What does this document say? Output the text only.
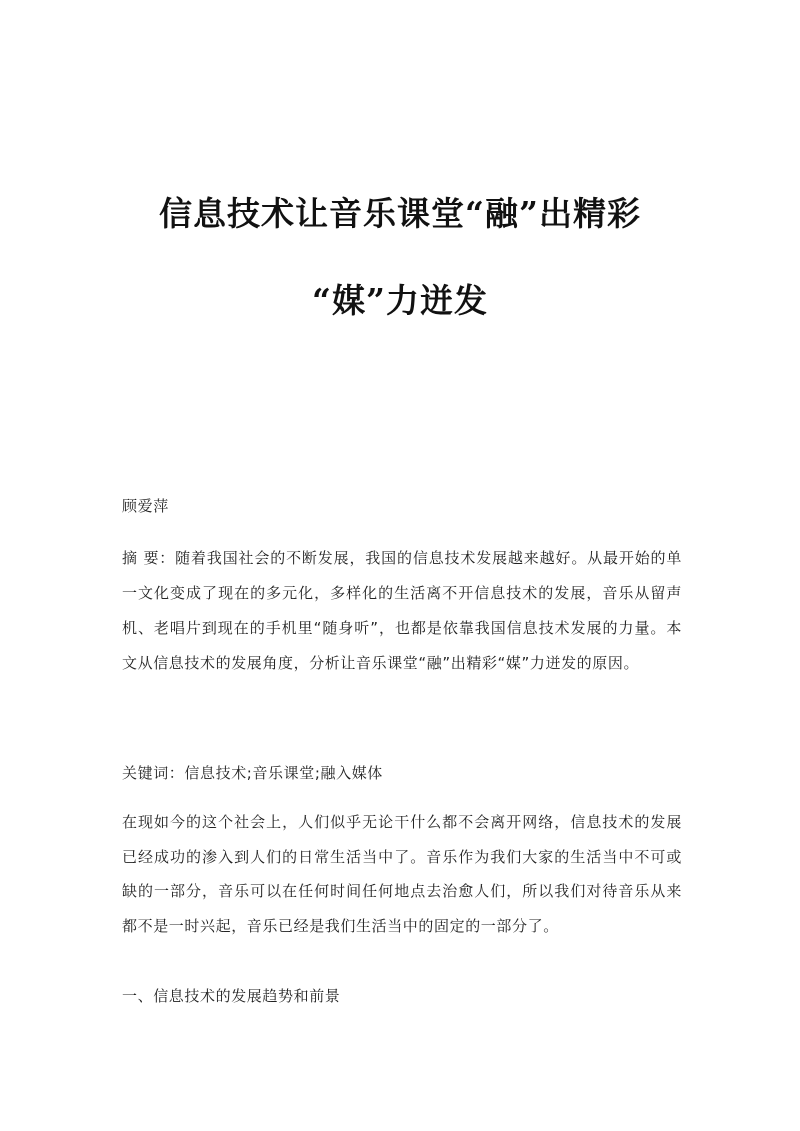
信息技术让音乐课堂“融”出精彩
“媒”力迸发
顾爱萍
摘 要：随着我国社会的不断发展，我国的信息技术发展越来越好。从最开始的单一文化变成了现在的多元化，多样化的生活离不开信息技术的发展，音乐从留声机、老唱片到现在的手机里“随身听”，也都是依靠我国信息技术发展的力量。本文从信息技术的发展角度，分析让音乐课堂“融”出精彩“媒”力迸发的原因。
关键词：信息技术;音乐课堂;融入媒体
在现如今的这个社会上，人们似乎无论干什么都不会离开网络，信息技术的发展已经成功的渗入到人们的日常生活当中了。音乐作为我们大家的生活当中不可或缺的一部分，音乐可以在任何时间任何地点去治愈人们，所以我们对待音乐从来都不是一时兴起，音乐已经是我们生活当中的固定的一部分了。
一、信息技术的发展趋势和前景
